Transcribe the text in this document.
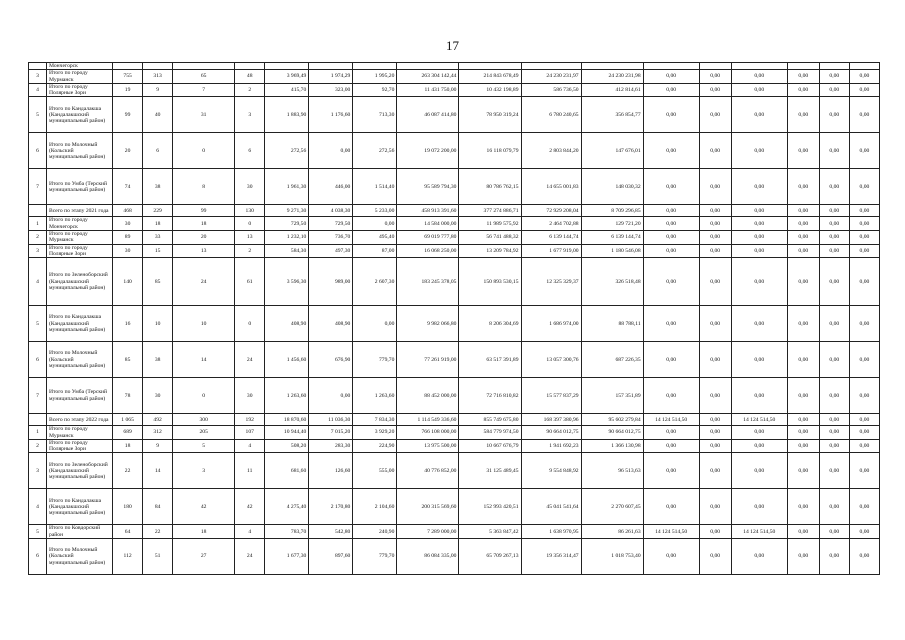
17
	Мончегорск																	
3	Итого по городу Мурманск	755	313	65	48	3 969,49	1 974,29	1 995,20	263 304 142,44	214 843 678,49	24 230 231,97	24 230 231,98	0,00	0,00	0,00	0,00	0,00	0,00
4	Итого по городу Полярные Зори	19	9	7	2	415,70	323,00	92,70	11 431 750,00	10 432 198,89	586 736,50	412 814,61	0,00	0,00	0,00	0,00	0,00	0,00
5	Итого по Кандалакша (Кандалакшский муниципальный район)	99	40	31	3	1 883,90	1 176,60	713,30	46 087 414,80	78 950 319,24	6 780 240,65	356 854,77	0,00	0,00	0,00	0,00	0,00	0,00
6	Итого по Молочный (Кольский муниципальный район)	20	6	0	6	272,56	0,00	272,56	19 072 200,00	16 118 079,79	2 803 844,20	147 676,01	0,00	0,00	0,00	0,00	0,00	0,00
7	Итого по Умба (Терский муниципальный район)	74	38	8	30	1 961,30	446,00	1 514,40	95 589 794,30	80 786 762,15	14 655 001,83	148 030,32	0,00	0,00	0,00	0,00	0,00	0,00
	Всего по этапу 2021 года	468	229	99	130	9 271,30	4 038,30	5 233,00	458 913 391,60	377 274 886,71	72 929 208,04	8 709 296,85	0,00	0,00	0,00	0,00	0,00	0,00
1	Итого по городу Мончегорск	30	18	18	0	729,50	729,50	0,00	14 584 000,00	11 989 575,92	2 464 702,88	129 721,20	0,00	0,00	0,00	0,00	0,00	0,00
2	Итого по городу Мурманск	89	33	20	13	1 232,10	736,70	495,40	69 019 777,80	56 741 488,32	6 139 144,74	6 139 144,74	0,00	0,00	0,00	0,00	0,00	0,00
3	Итого по городу Полярные Зори	30	15	13	2	584,30	497,30	87,00	16 068 250,00	13 209 784,92	1 677 919,00	1 180 546,08	0,00	0,00	0,00	0,00	0,00	0,00
4	Итого по Зеленоборский (Кандалакшский муниципальный район)	140	85	24	61	3 596,30	989,00	2 607,30	183 245 378,05	150 893 530,15	12 325 329,37	326 518,48	0,00	0,00	0,00	0,00	0,00	0,00
5	Итого по Кандалакша (Кандалакшский муниципальный район)	16	10	10	0	408,90	408,90	0,00	9 982 066,80	8 206 304,69	1 686 974,00	88 788,11	0,00	0,00	0,00	0,00	0,00	0,00
6	Итого по Молочный (Кольский муниципальный район)	85	38	14	24	1 456,60	676,90	779,70	77 261 919,00	63 517 391,89	13 057 300,76	687 226,35	0,00	0,00	0,00	0,00	0,00	0,00
7	Итого по Умба (Терский муниципальный район)	78	30	0	30	1 263,60	0,00	1 263,60	88 452 000,00	72 716 810,82	15 577 837,29	157 351,89	0,00	0,00	0,00	0,00	0,00	0,00
	Всего по этапу 2022 года	1 065	492	300	192	18 870,60	11 036,30	7 834,30	1 114 549 336,60	855 749 675,80	168 397 380,96	95 602 279,84	14 124 514,50	0,00	14 124 514,50	0,00	0,00	0,00
1	Итого по городу Мурманск	689	312	205	107	10 944,40	7 015,20	3 929,20	766 108 000,00	584 779 974,50	90 664 012,75	90 664 012,75	0,00	0,00	0,00	0,00	0,00	0,00
2	Итого по городу Полярные Зори	18	9	5	4	508,20	283,30	224,90	13 975 500,00	10 667 676,79	1 941 692,23	1 366 130,98	0,00	0,00	0,00	0,00	0,00	0,00
3	Итого по Зеленоборский (Кандалакшский муниципальный район)	22	14	3	11	681,60	126,60	555,00	40 776 852,00	31 125 489,45	9 554 848,92	96 513,63	0,00	0,00	0,00	0,00	0,00	0,00
4	Итого по Кандалакша (Кандалакшский муниципальный район)	180	84	42	42	4 275,40	2 170,80	2 104,60	200 315 569,60	152 993 420,51	45 041 541,64	2 270 607,45	0,00	0,00	0,00	0,00	0,00	0,00
5	Итого по Ковдорский район	64	22	18	4	783,70	542,80	240,90	7 289 000,00	5 363 847,42	1 638 970,95	86 261,63	14 124 514,50	0,00	14 124 514,50	0,00	0,00	0,00
6	Итого по Молочный (Кольский муниципальный район)	112	51	27	24	1 677,30	897,60	779,70	86 084 335,00	65 709 267,13	19 356 314,47	1 018 753,40	0,00	0,00	0,00	0,00	0,00	0,00
